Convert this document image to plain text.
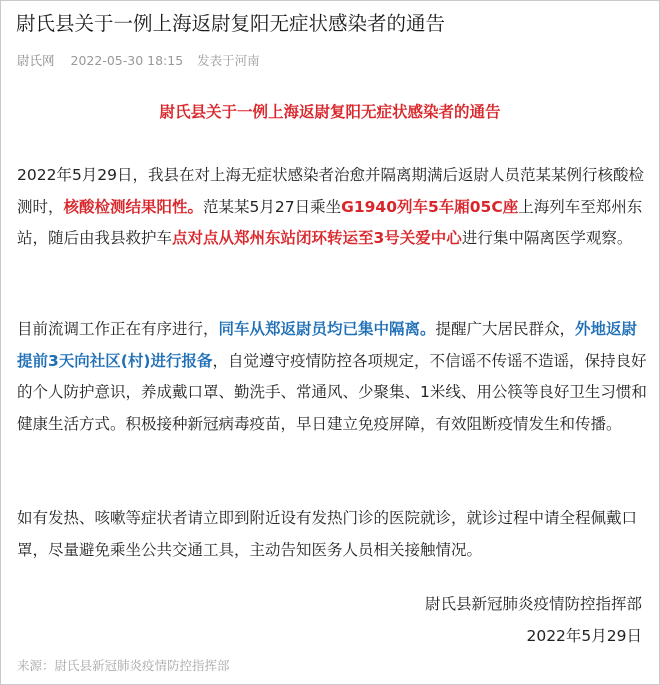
尉氏县关于一例上海返尉复阳无症状感染者的通告
尉氏网 2022-05-30 18:15 发表于河南
尉氏县关于一例上海返尉复阳无症状感染者的通告

2022年5月29日，我县在对上海无症状感染者治愈并隔离期满后返尉人员范某某例行核酸检测时，核酸检测结果阳性。范某某5月27日乘坐G1940列车5车厢05C座上海列车至郑州东站，随后由我县救护车点对点从郑州东站闭环转运至3号关爱中心进行集中隔离医学观察。

目前流调工作正在有序进行，同车从郑返尉员均已集中隔离。提醒广大居民群众，外地返尉提前3天向社区(村)进行报备，自觉遵守疫情防控各项规定，不信谣不传谣不造谣，保持良好的个人防护意识，养成戴口罩、勤洗手、常通风、少聚集、1米线、用公筷等良好卫生习惯和健康生活方式。积极接种新冠病毒疫苗，早日建立免疫屏障，有效阻断疫情发生和传播。

如有发热、咳嗽等症状者请立即到附近设有发热门诊的医院就诊，就诊过程中请全程佩戴口罩，尽量避免乘坐公共交通工具，主动告知医务人员相关接触情况。

尉氏县新冠肺炎疫情防控指挥部
2022年5月29日
来源：尉氏县新冠肺炎疫情防控指挥部
